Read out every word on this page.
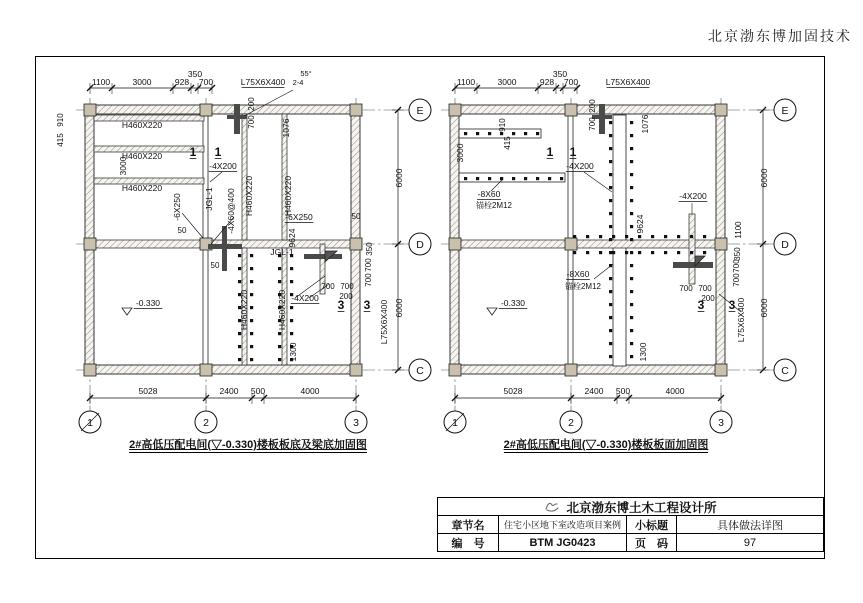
北京渤东博加固技术
E
D
C
1	2	3
1100	3000	928
350
700	L75X6X400
55°
2-4
200
700	1076
910
415
H460X220
H460X220
H460X220
3000
1 1
-4X200
JGL-1
-6X250	-4X60@400 H460X220	H460X220
9624
-6X250
JGL-1
50
50
H460X220	H460X220
1300
-4X200
700 700
200
3 3 L75X6X400
50
350
700
700
6000
6000
-0.330
5028	2400 500	4000
E
D
C
1	2	3
1100	3000	928
350
700	L75X6X400
200
700	1076
3000
910
415
1 1
-4X200
-8X60
锚栓2M12
-8X60
锚栓2M12
9624
-4X200
1100
350
700
700
700 700
200
3 3 L75X6X400
6000
6000
-0.330
1300
5028	2400 500	4000
2#高低压配电间(▽-0.330)楼板板底及梁底加固图	2#高低压配电间(▽-0.330)楼板板面加固图
北京渤东博土木工程设计所
章节名	住宅小区地下室改造项目案例	小标题	具体做法详图
编　号	BTM JG0423	页　码	97
